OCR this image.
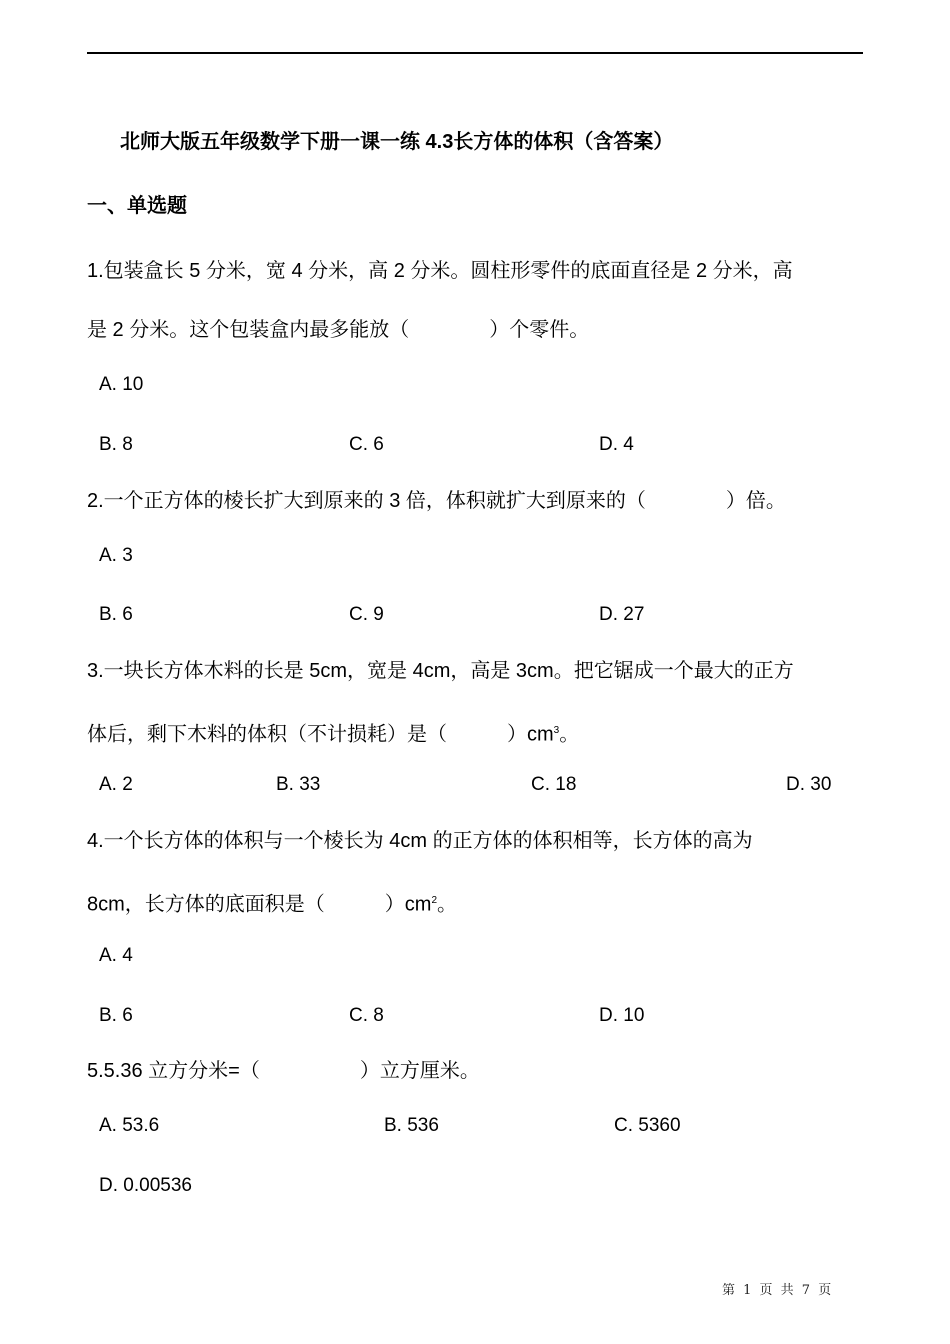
北师大版五年级数学下册一课一练 4.3长方体的体积（含答案）
一、单选题
1.包装盒长 5 分米，宽 4 分米，高 2 分米。圆柱形零件的底面直径是 2 分米，高
是 2 分米。这个包装盒内最多能放（　　　　）个零件。
A. 10
B. 8	C. 6	D. 4
2.一个正方体的棱长扩大到原来的 3 倍，体积就扩大到原来的（　　　　）倍。
A. 3
B. 6	C. 9	D. 27
3.一块长方体木料的长是 5cm，宽是 4cm，高是 3cm。把它锯成一个最大的正方
体后，剩下木料的体积（不计损耗）是（　　　）$cm^3$。
A. 2	B. 33	C. 18	D. 30
4.一个长方体的体积与一个棱长为 4cm 的正方体的体积相等，长方体的高为
8cm，长方体的底面积是（　　　）$cm^2$。
A. 4
B. 6	C. 8	D. 10
5.5.36 立方分米=（　　　　　）立方厘米。
A. 53.6	B. 536	C. 5360
D. 0.00536
第 1 页 共 7 页
